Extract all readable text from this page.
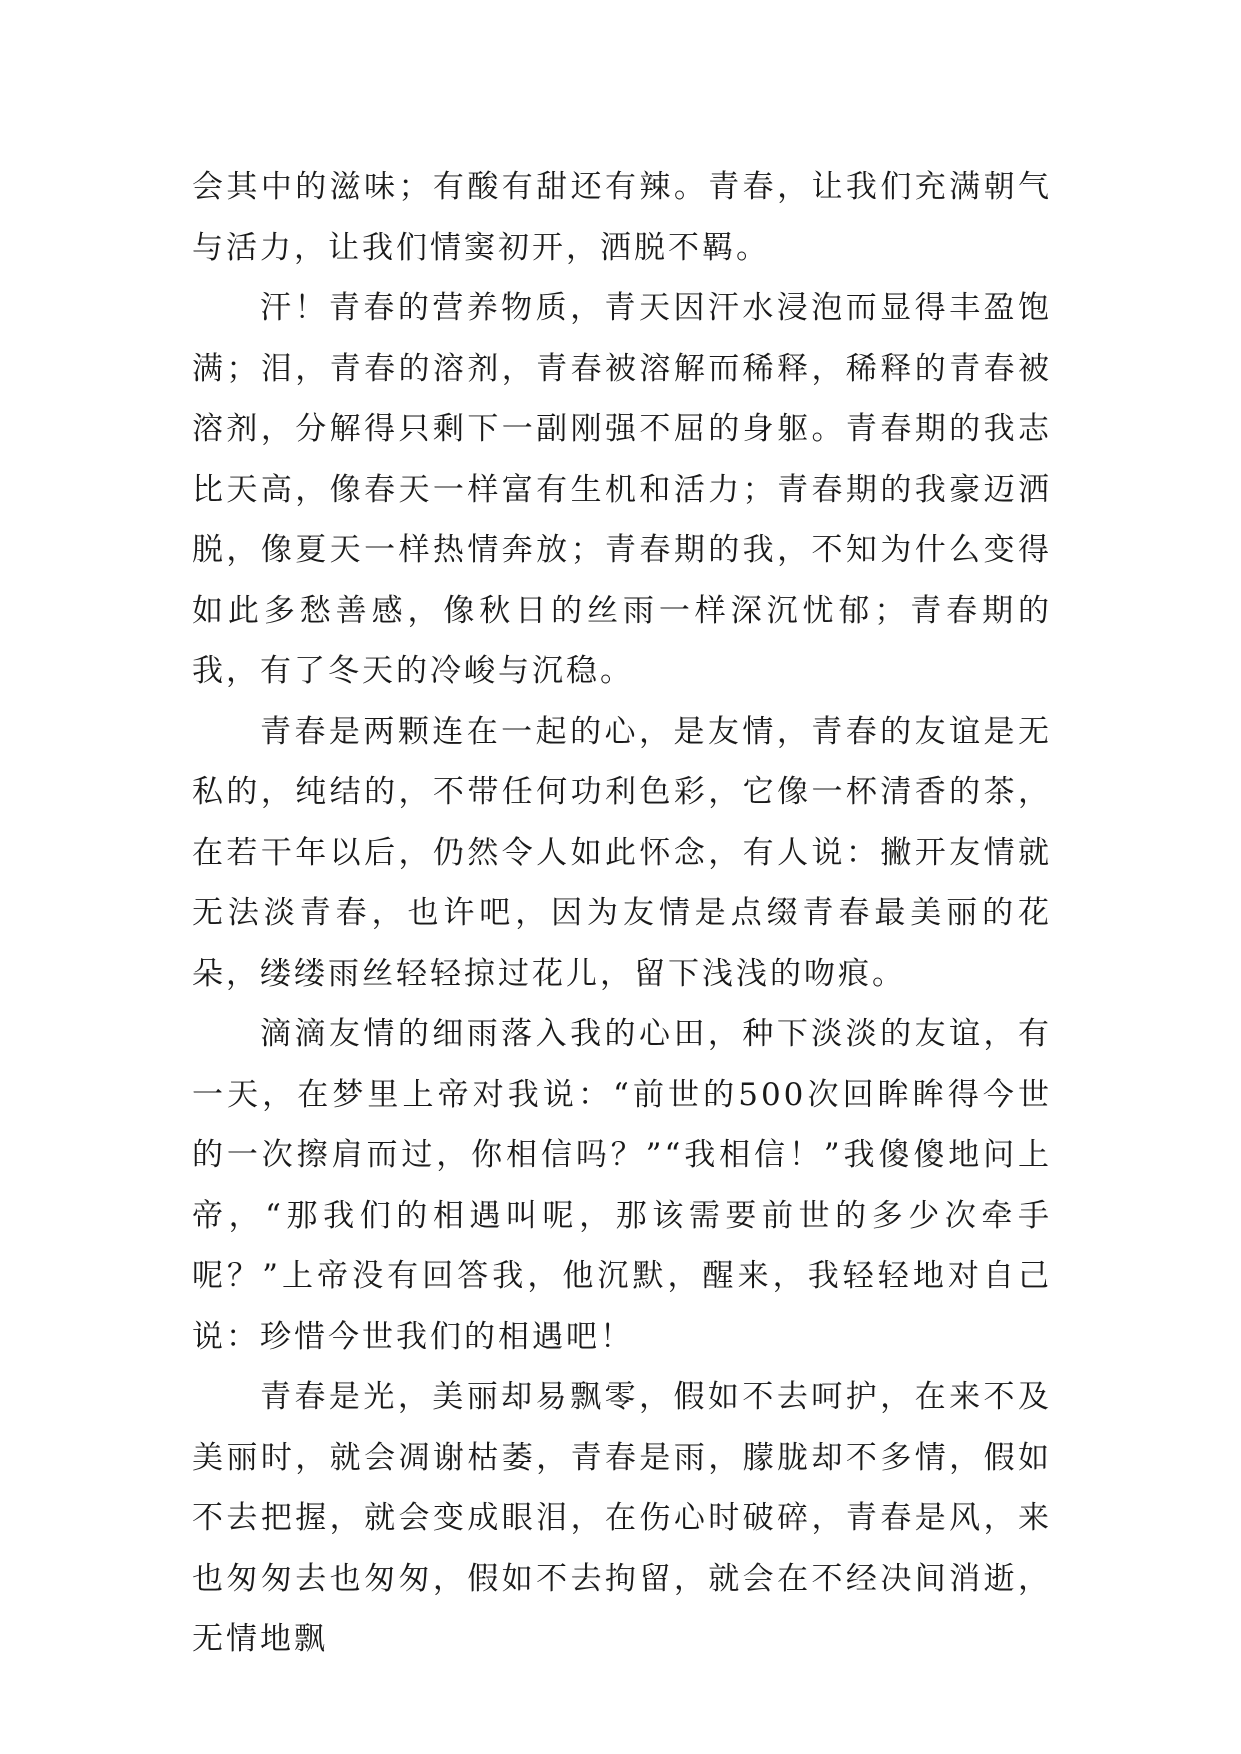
会其中的滋味；有酸有甜还有辣。青春，让我们充满朝气与活力，让我们情窦初开，洒脱不羁。

汗！青春的营养物质，青天因汗水浸泡而显得丰盈饱满；泪，青春的溶剂，青春被溶解而稀释，稀释的青春被溶剂，分解得只剩下一副刚强不屈的身躯。青春期的我志比天高，像春天一样富有生机和活力；青春期的我豪迈洒脱，像夏天一样热情奔放；青春期的我，不知为什么变得如此多愁善感，像秋日的丝雨一样深沉忧郁；青春期的我，有了冬天的冷峻与沉稳。

青春是两颗连在一起的心，是友情，青春的友谊是无私的，纯结的，不带任何功利色彩，它像一杯清香的茶，在若干年以后，仍然令人如此怀念，有人说：撇开友情就无法淡青春，也许吧，因为友情是点缀青春最美丽的花朵，缕缕雨丝轻轻掠过花儿，留下浅浅的吻痕。

滴滴友情的细雨落入我的心田，种下淡淡的友谊，有一天，在梦里上帝对我说：“前世的500次回眸眸得今世的一次擦肩而过，你相信吗？”“我相信！”我傻傻地问上帝，“那我们的相遇叫呢，那该需要前世的多少次牵手呢？”上帝没有回答我，他沉默，醒来，我轻轻地对自己说：珍惜今世我们的相遇吧！

青春是光，美丽却易飘零，假如不去呵护，在来不及美丽时，就会凋谢枯萎，青春是雨，朦胧却不多情，假如不去把握，就会变成眼泪，在伤心时破碎，青春是风，来也匆匆去也匆匆，假如不去拘留，就会在不经决间消逝，无情地飘
